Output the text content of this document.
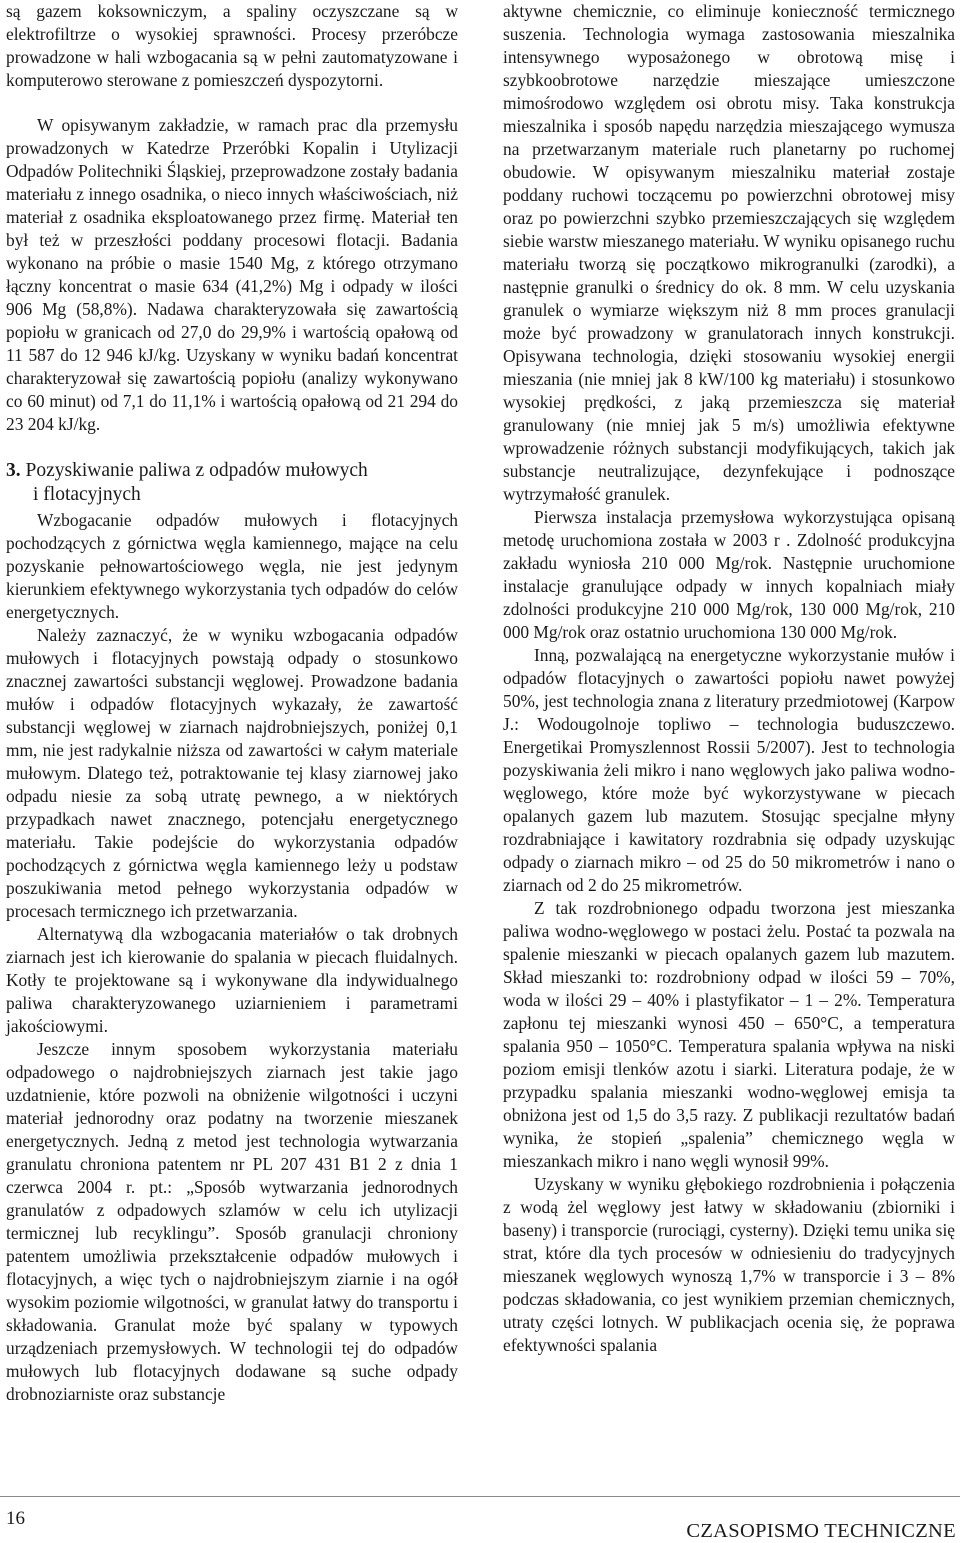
są gazem koksowniczym, a spaliny oczyszczane są w elektrofiltrze o wysokiej sprawności. Procesy przeróbcze prowadzone w hali wzbogacania są w pełni zautomatyzowane i komputerowo sterowane z pomieszczeń dyspozytorni.

W opisywanym zakładzie, w ramach prac dla przemysłu prowadzonych w Katedrze Przeróbki Kopalin i Utylizacji Odpadów Politechniki Śląskiej, przeprowadzone zostały badania materiału z innego osadnika, o nieco innych właściwościach, niż materiał z osadnika eksploatowanego przez firmę. Materiał ten był też w przeszłości poddany procesowi flotacji. Badania wykonano na próbie o masie 1540 Mg, z którego otrzymano łączny koncentrat o masie 634 (41,2%) Mg i odpady w ilości 906 Mg (58,8%). Nadawa charakteryzowała się zawartością popiołu w granicach od 27,0 do 29,9% i wartością opałową od 11 587 do 12 946 kJ/kg. Uzyskany w wyniku badań koncentrat charakteryzował się zawartością popiołu (analizy wykonywano co 60 minut) od 7,1 do 11,1% i wartością opałową od 21 294 do 23 204 kJ/kg.

3. Pozyskiwanie paliwa z odpadów mułowych
i flotacyjnych

Wzbogacanie odpadów mułowych i flotacyjnych pochodzących z górnictwa węgla kamiennego, mające na celu pozyskanie pełnowartościowego węgla, nie jest jedynym kierunkiem efektywnego wykorzystania tych odpadów do celów energetycznych.

Należy zaznaczyć, że w wyniku wzbogacania odpadów mułowych i flotacyjnych powstają odpady o stosunkowo znacznej zawartości substancji węglowej. Prowadzone badania mułów i odpadów flotacyjnych wykazały, że zawartość substancji węglowej w ziarnach najdrobniejszych, poniżej 0,1 mm, nie jest radykalnie niższa od zawartości w całym materiale mułowym. Dlatego też, potraktowanie tej klasy ziarnowej jako odpadu niesie za sobą utratę pewnego, a w niektórych przypadkach nawet znacznego, potencjału energetycznego materiału. Takie podejście do wykorzystania odpadów pochodzących z górnictwa węgla kamiennego leży u podstaw poszukiwania metod pełnego wykorzystania odpadów w procesach termicznego ich przetwarzania.

Alternatywą dla wzbogacania materiałów o tak drobnych ziarnach jest ich kierowanie do spalania w piecach fluidalnych. Kotły te projektowane są i wykonywane dla indywidualnego paliwa charakteryzowanego uziarnieniem i parametrami jakościowymi.

Jeszcze innym sposobem wykorzystania materiału odpadowego o najdrobniejszych ziarnach jest takie jago uzdatnienie, które pozwoli na obniżenie wilgotności i uczyni materiał jednorodny oraz podatny na tworzenie mieszanek energetycznych. Jedną z metod jest technologia wytwarzania granulatu chroniona patentem nr PL 207 431 B1 2 z dnia 1 czerwca 2004 r. pt.: „Sposób wytwarzania jednorodnych granulatów z odpadowych szlamów w celu ich utylizacji termicznej lub recyklingu”. Sposób granulacji chroniony patentem umożliwia przekształcenie odpadów mułowych i flotacyjnych, a więc tych o najdrobniejszym ziarnie i na ogół wysokim poziomie wilgotności, w granulat łatwy do transportu i składowania. Granulat może być spalany w typowych urządzeniach przemysłowych. W technologii tej do odpadów mułowych lub flotacyjnych dodawane są suche odpady drobnoziarniste oraz substancje

aktywne chemicznie, co eliminuje konieczność termicznego suszenia. Technologia wymaga zastosowania mieszalnika intensywnego wyposażonego w obrotową misę i szybkoobrotowe narzędzie mieszające umieszczone mimośrodowo względem osi obrotu misy. Taka konstrukcja mieszalnika i sposób napędu narzędzia mieszającego wymusza na przetwarzanym materiale ruch planetarny po ruchomej obudowie. W opisywanym mieszalniku materiał zostaje poddany ruchowi toczącemu po powierzchni obrotowej misy oraz po powierzchni szybko przemieszczających się względem siebie warstw mieszanego materiału. W wyniku opisanego ruchu materiału tworzą się początkowo mikrogranulki (zarodki), a następnie granulki o średnicy do ok. 8 mm. W celu uzyskania granulek o wymiarze większym niż 8 mm proces granulacji może być prowadzony w granulatorach innych konstrukcji. Opisywana technologia, dzięki stosowaniu wysokiej energii mieszania (nie mniej jak 8 kW/100 kg materiału) i stosunkowo wysokiej prędkości, z jaką przemieszcza się materiał granulowany (nie mniej jak 5 m/s) umożliwia efektywne wprowadzenie różnych substancji modyfikujących, takich jak substancje neutralizujące, dezynfekujące i podnoszące wytrzymałość granulek.

Pierwsza instalacja przemysłowa wykorzystująca opisaną metodę uruchomiona została w 2003 r . Zdolność produkcyjna zakładu wyniosła 210 000 Mg/rok. Następnie uruchomione instalacje granulujące odpady w innych kopalniach miały zdolności produkcyjne 210 000 Mg/rok, 130 000 Mg/rok, 210 000 Mg/rok oraz ostatnio uruchomiona 130 000 Mg/rok.

Inną, pozwalającą na energetyczne wykorzystanie mułów i odpadów flotacyjnych o zawartości popiołu nawet powyżej 50%, jest technologia znana z literatury przedmiotowej (Karpow J.: Wodougolnoje topliwo – technologia buduszczewo. Energetikai Promyszlennost Rossii 5/2007). Jest to technologia pozyskiwania żeli mikro i nano węglowych jako paliwa wodno-węglowego, które może być wykorzystywane w piecach opalanych gazem lub mazutem. Stosując specjalne młyny rozdrabniające i kawitatory rozdrabnia się odpady uzyskując odpady o ziarnach mikro – od 25 do 50 mikrometrów i nano o ziarnach od 2 do 25 mikrometrów.

Z tak rozdrobnionego odpadu tworzona jest mieszanka paliwa wodno-węglowego w postaci żelu. Postać ta pozwala na spalenie mieszanki w piecach opalanych gazem lub mazutem. Skład mieszanki to: rozdrobniony odpad w ilości 59 – 70%, woda w ilości 29 – 40% i plastyfikator – 1 – 2%. Temperatura zapłonu tej mieszanki wynosi 450 – 650°C, a temperatura spalania 950 – 1050°C. Temperatura spalania wpływa na niski poziom emisji tlenków azotu i siarki. Literatura podaje, że w przypadku spalania mieszanki wodno-węglowej emisja ta obniżona jest od 1,5 do 3,5 razy. Z publikacji rezultatów badań wynika, że stopień „spalenia” chemicznego węgla w mieszankach mikro i nano węgli wynosił 99%.

Uzyskany w wyniku głębokiego rozdrobnienia i połączenia z wodą żel węglowy jest łatwy w składowaniu (zbiorniki i baseny) i transporcie (rurociągi, cysterny). Dzięki temu unika się strat, które dla tych procesów w odniesieniu do tradycyjnych mieszanek węglowych wynoszą 1,7% w transporcie i 3 – 8% podczas składowania, co jest wynikiem przemian chemicznych, utraty części lotnych. W publikacjach ocenia się, że poprawa efektywności spalania

16
CZASOPISMO TECHNICZNE
